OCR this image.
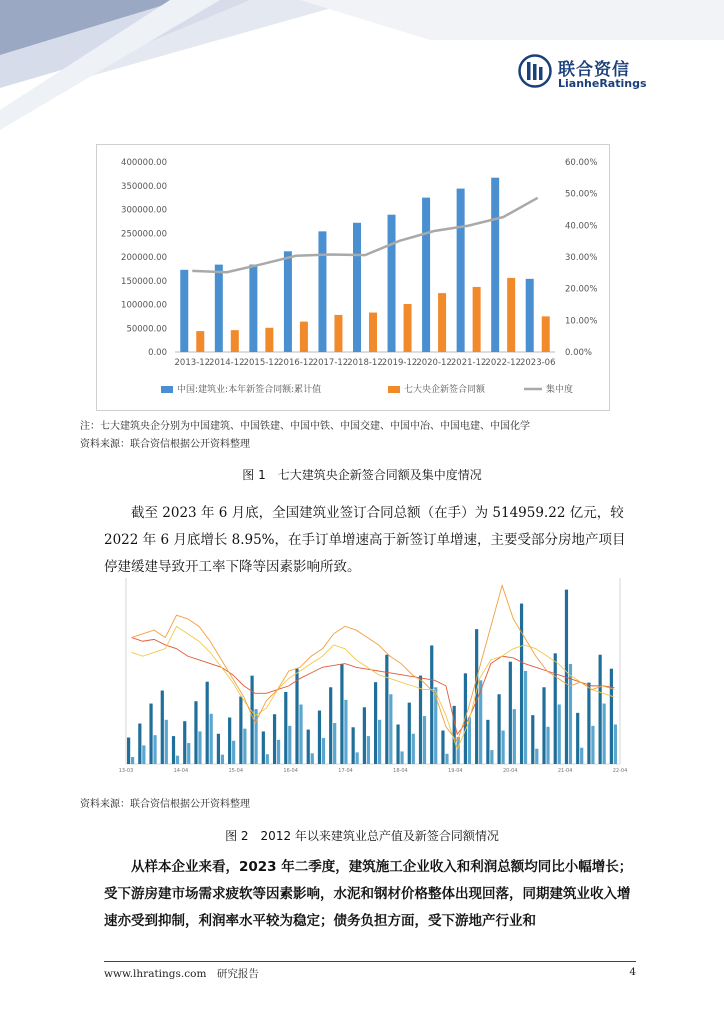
联合资信
LianheRatings
400000.00
350000.00
300000.00
250000.00
200000.00
150000.00
100000.00
50000.00
0.00
60.00%
50.00%
40.00%
30.00%
20.00%
10.00%
0.00%
2013-12 2014-12 2015-12 2016-12 2017-12 2018-12 2019-12 2020-12 2021-12 2022-12 2023-06
中国:建筑业:本年新签合同额:累计值	七大央企新签合同额	集中度
注：七大建筑央企分别为中国建筑、中国铁建、中国中铁、中国交建、中国中冶、中国电建、中国化学
资料来源：联合资信根据公开资料整理
图 1　七大建筑央企新签合同额及集中度情况
截至 2023 年 6 月底，全国建筑业签订合同总额（在手）为 514959.22 亿元，较 2022 年 6 月底增长 8.95%，在手订单增速高于新签订单增速，主要受部分房地产项目停建缓建导致开工率下降等因素影响所致。
13-03	14-04	15-04	16-04	17-04	18-04	19-04	20-04	21-04	22-04
资料来源：联合资信根据公开资料整理
图 2　2012 年以来建筑业总产值及新签合同额情况
从样本企业来看，2023 年二季度，建筑施工企业收入和利润总额均同比小幅增长；受下游房建市场需求疲软等因素影响，水泥和钢材价格整体出现回落，同期建筑业收入增速亦受到抑制，利润率水平较为稳定；债务负担方面，受下游地产行业和
www.lhratings.com　研究报告	4
